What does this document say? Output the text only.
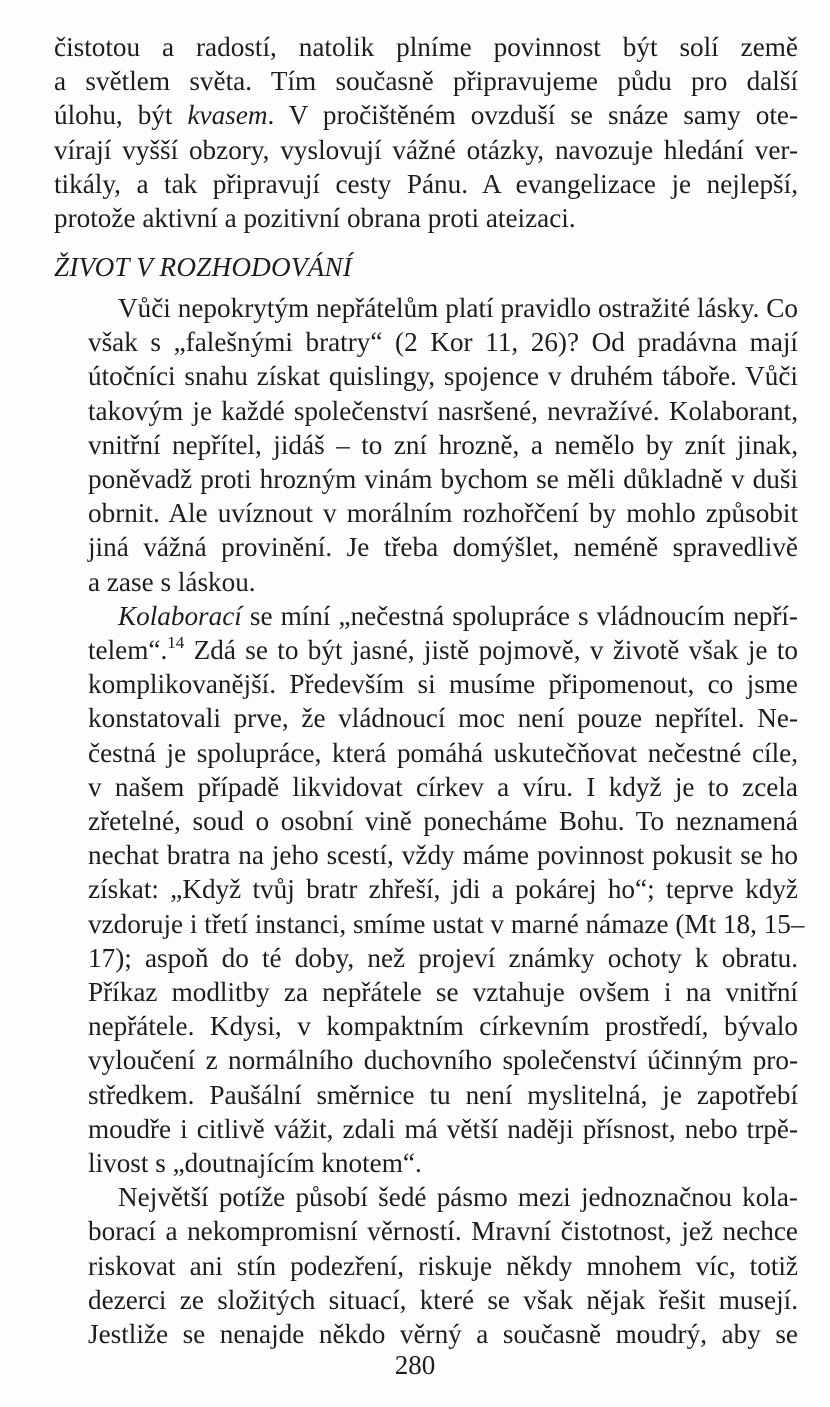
čistotou a radostí, natolik plníme povinnost být solí země
a světlem světa. Tím současně připravujeme půdu pro další
úlohu, být kvasem. V pročištěném ovzduší se snáze samy ote-
vírají vyšší obzory, vyslovují vážné otázky, navozuje hledání ver-
tikály, a tak připravují cesty Pánu. A evangelizace je nejlepší,
protože aktivní a pozitivní obrana proti ateizaci.
ŽIVOT V ROZHODOVÁNÍ
Vůči nepokrytým nepřátelům platí pravidlo ostražité lásky. Co
však s „falešnými bratry“ (2 Kor 11, 26)? Od pradávna mají
útočníci snahu získat quislingy, spojence v druhém táboře. Vůči
takovým je každé společenství nasršené, nevražívé. Kolaborant,
vnitřní nepřítel, jidáš – to zní hrozně, a nemělo by znít jinak,
poněvadž proti hrozným vinám bychom se měli důkladně v duši
obrnit. Ale uvíznout v morálním rozhořčení by mohlo způsobit
jiná vážná provinění. Je třeba domýšlet, neméně spravedlivě
a zase s láskou.
Kolaborací se míní „nečestná spolupráce s vládnoucím nepří-
telem“.$^{14}$ Zdá se to být jasné, jistě pojmově, v životě však je to
komplikovanější. Především si musíme připomenout, co jsme
konstatovali prve, že vládnoucí moc není pouze nepřítel. Ne-
čestná je spolupráce, která pomáhá uskutečňovat nečestné cíle,
v našem případě likvidovat církev a víru. I když je to zcela
zřetelné, soud o osobní vině ponecháme Bohu. To neznamená
nechat bratra na jeho scestí, vždy máme povinnost pokusit se ho
získat: „Když tvůj bratr zhřeší, jdi a pokárej ho“; teprve když
vzdoruje i třetí instanci, smíme ustat v marné námaze (Mt 18, 15–
17); aspoň do té doby, než projeví známky ochoty k obratu.
Příkaz modlitby za nepřátele se vztahuje ovšem i na vnitřní
nepřátele. Kdysi, v kompaktním církevním prostředí, bývalo
vyloučení z normálního duchovního společenství účinným pro-
středkem. Paušální směrnice tu není myslitelná, je zapotřebí
moudře i citlivě vážit, zdali má větší naději přísnost, nebo trpě-
livost s „doutnajícím knotem“.
Největší potíže působí šedé pásmo mezi jednoznačnou kola-
borací a nekompromisní věrností. Mravní čistotnost, jež nechce
riskovat ani stín podezření, riskuje někdy mnohem víc, totiž
dezerci ze složitých situací, které se však nějak řešit musejí.
Jestliže se nenajde někdo věrný a současně moudrý, aby se
280
